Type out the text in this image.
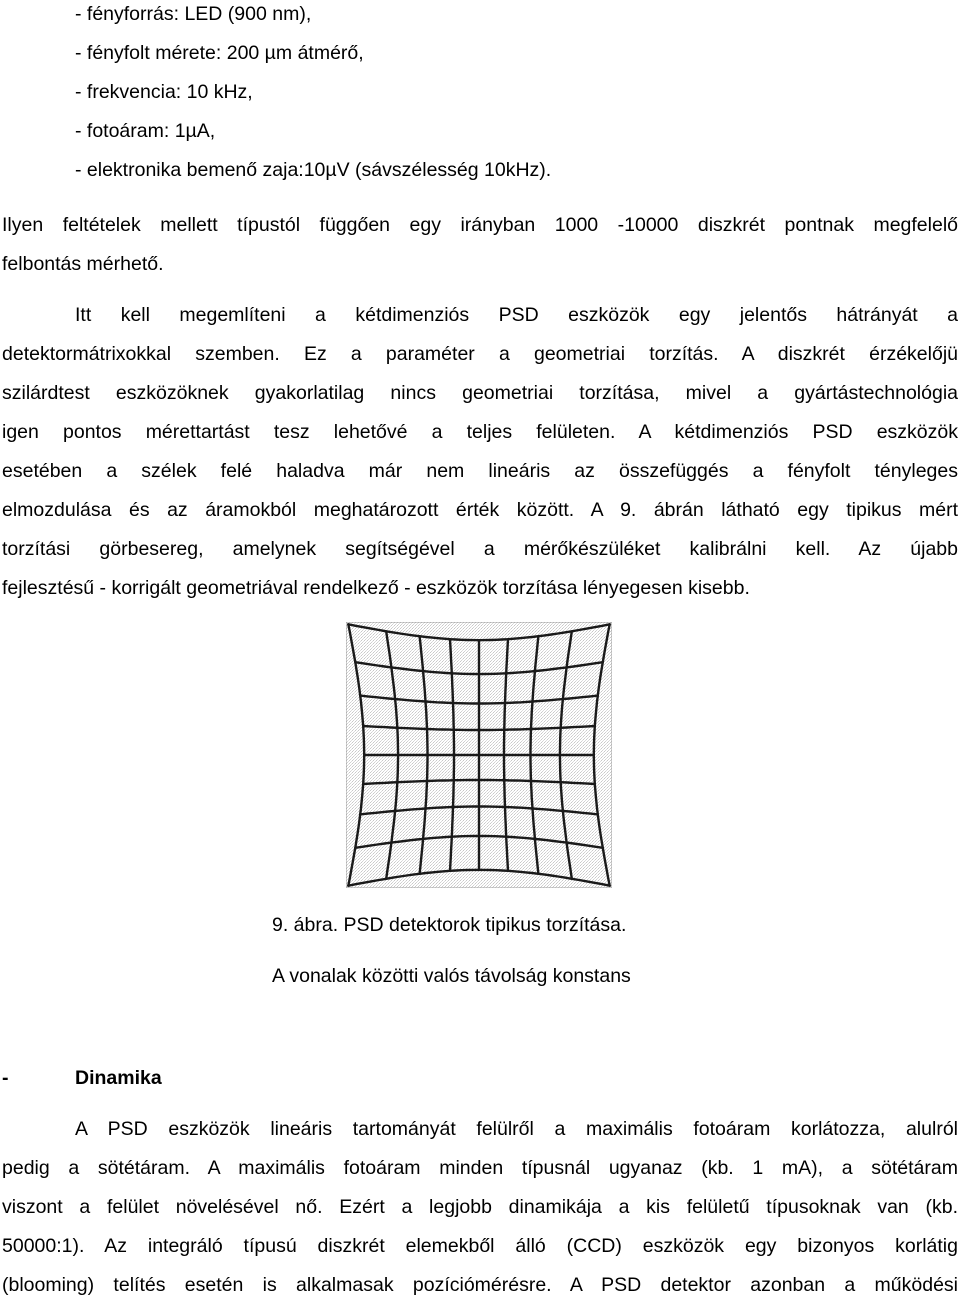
- fényforrás: LED (900 nm),
- fényfolt mérete: 200 µm átmérő,
- frekvencia: 10 kHz,
- fotoáram: 1µA,
- elektronika bemenő zaja:10µV (sávszélesség 10kHz).
Ilyen feltételek mellett típustól függően egy irányban 1000 -10000 diszkrét pontnak megfelelő
felbontás mérhető.
Itt kell megemlíteni a kétdimenziós PSD eszközök egy jelentős hátrányát a
detektormátrixokkal szemben. Ez a paraméter a geometriai torzítás. A diszkrét érzékelőjü
szilárdtest eszközöknek gyakorlatilag nincs geometriai torzítása, mivel a gyártástechnológia
igen pontos mérettartást tesz lehetővé a teljes felületen. A kétdimenziós PSD eszközök
esetében a szélek felé haladva már nem lineáris az összefüggés a fényfolt tényleges
elmozdulása és az áramokból meghatározott érték között. A 9. ábrán látható egy tipikus mért
torzítási görbesereg, amelynek segítségével a mérőkészüléket kalibrálni kell. Az újabb
fejlesztésű - korrigált geometriával rendelkező - eszközök torzítása lényegesen kisebb.
9. ábra. PSD detektorok tipikus torzítása.
A vonalak közötti valós távolság konstans
-	Dinamika
A PSD eszközök lineáris tartományát felülről a maximális fotoáram korlátozza, alulról
pedig a sötétáram. A maximális fotoáram minden típusnál ugyanaz (kb. 1 mA), a sötétáram
viszont a felület növelésével nő. Ezért a legjobb dinamikája a kis felületű típusoknak van (kb.
50000:1). Az integráló típusú diszkrét elemekből álló (CCD) eszközök egy bizonyos korlátig
(blooming) telítés esetén is alkalmasak pozíciómérésre. A PSD detektor azonban a működési
